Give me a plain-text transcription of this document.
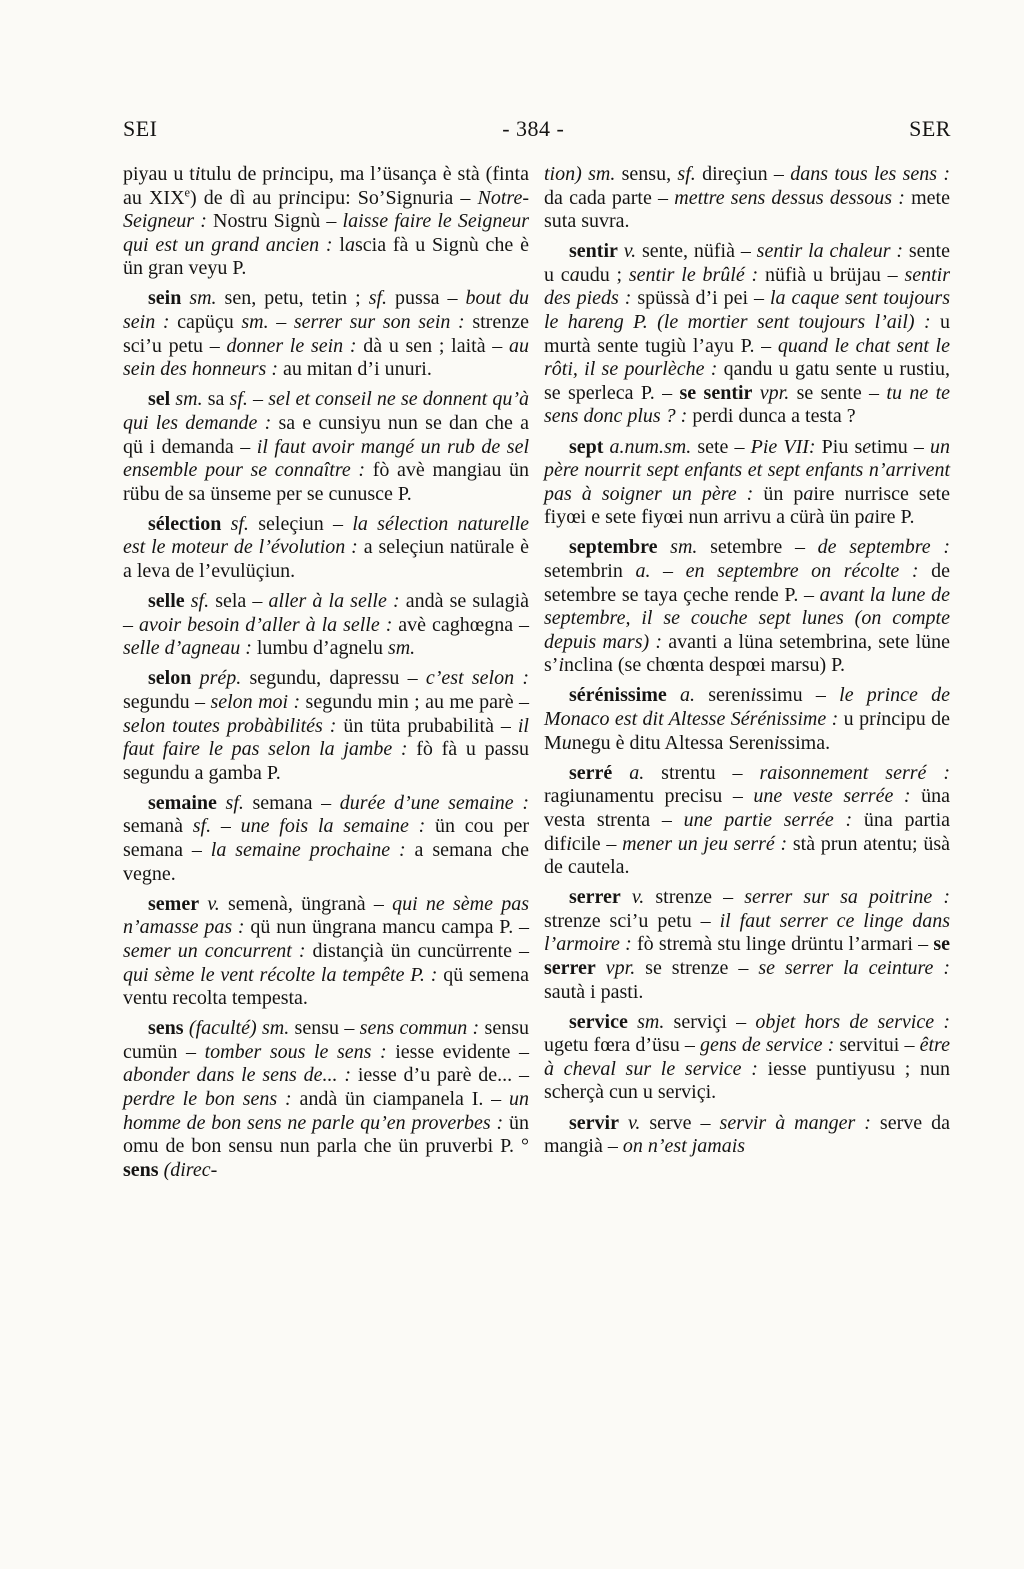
SEI	- 384 -	SER

piyau u titulu de principu, ma l’üsança è stà (finta au XIXe) de dì au principu: So’Signuria – Notre-Seigneur : Nostru Signù – laisse faire le Seigneur qui est un grand ancien : lascia fà u Signù che è ün gran veyu P.

sein sm. sen, petu, tetin ; sf. pussa – bout du sein : capüçu sm. – serrer sur son sein : strenze sci’u petu – donner le sein : dà u sen ; laità – au sein des honneurs : au mitan d’i unuri.

sel sm. sa sf. – sel et conseil ne se donnent qu’à qui les demande : sa e cunsiyu nun se dan che a qü i demanda – il faut avoir mangé un rub de sel ensemble pour se connaître : fò avè mangiau ün rübu de sa ünseme per se cunusce P.

sélection sf. seleçiun – la sélection naturelle est le moteur de l’évolution : a seleçiun natürale è a leva de l’evulüçiun.

selle sf. sela – aller à la selle : andà se sulagià – avoir besoin d’aller à la selle : avè caghœgna – selle d’agneau : lumbu d’agnelu sm.

selon prép. segundu, dapressu – c’est selon : segundu – selon moi : segundu min ; au me parè – selon toutes probàbilités : ün tüta prubabilità – il faut faire le pas selon la jambe : fò fà u passu segundu a gamba P.

semaine sf. semana – durée d’une semaine : semanà sf. – une fois la semaine : ün cou per semana – la semaine prochaine : a semana che vegne.

semer v. semenà, üngranà – qui ne sème pas n’amasse pas : qü nun üngrana mancu campa P. – semer un concurrent : distançià ün cuncürrente – qui sème le vent récolte la tempête P. : qü semena ventu recolta tempesta.

sens (faculté) sm. sensu – sens commun : sensu cumün – tomber sous le sens : iesse evidente – abonder dans le sens de... : iesse d’u parè de... – perdre le bon sens : andà ün ciampanela I. – un homme de bon sens ne parle qu’en proverbes : ün omu de bon sensu nun parla che ün pruverbi P. ° sens (direc-

tion) sm. sensu, sf. direçiun – dans tous les sens : da cada parte – mettre sens dessus dessous : mete suta suvra.

sentir v. sente, nüfià – sentir la chaleur : sente u caudu ; sentir le brûlé : nüfià u brüjau – sentir des pieds : spüssà d’i pei – la caque sent toujours le hareng P. (le mortier sent toujours l’ail) : u murtà sente tugiù l’ayu P. – quand le chat sent le rôti, il se pourlèche : qandu u gatu sente u rustiu, se sperleca P. – se sentir vpr. se sente – tu ne te sens donc plus ? : perdi dunca a testa ?

sept a.num.sm. sete – Pie VII: Piu setimu – un père nourrit sept enfants et sept enfants n’arrivent pas à soigner un père : ün paire nurrisce sete fiyœi e sete fiyœi nun arrivu a cürà ün paire P.

septembre sm. setembre – de septembre : setembrin a. – en septembre on récolte : de setembre se taya çeche rende P. – avant la lune de septembre, il se couche sept lunes (on compte depuis mars) : avanti a lüna setembrina, sete lüne s’inclina (se chœnta despœi marsu) P.

sérénissime a. serenissimu – le prince de Monaco est dit Altesse Sérénissime : u principu de Munegu è ditu Altessa Serenissima.

serré a. strentu – raisonnement serré : ragiunamentu precisu – une veste serrée : üna vesta strenta – une partie serrée : üna partia dificile – mener un jeu serré : stà prun atentu; üsà de cautela.

serrer v. strenze – serrer sur sa poitrine : strenze sci’u petu – il faut serrer ce linge dans l’armoire : fò stremà stu linge drüntu l’armari – se serrer vpr. se strenze – se serrer la ceinture : sautà i pasti.

service sm. serviçi – objet hors de service : ugetu fœra d’üsu – gens de service : servitui – être à cheval sur le service : iesse puntiyusu ; nun scherçà cun u serviçi.

servir v. serve – servir à manger : serve da mangià – on n’est jamais
